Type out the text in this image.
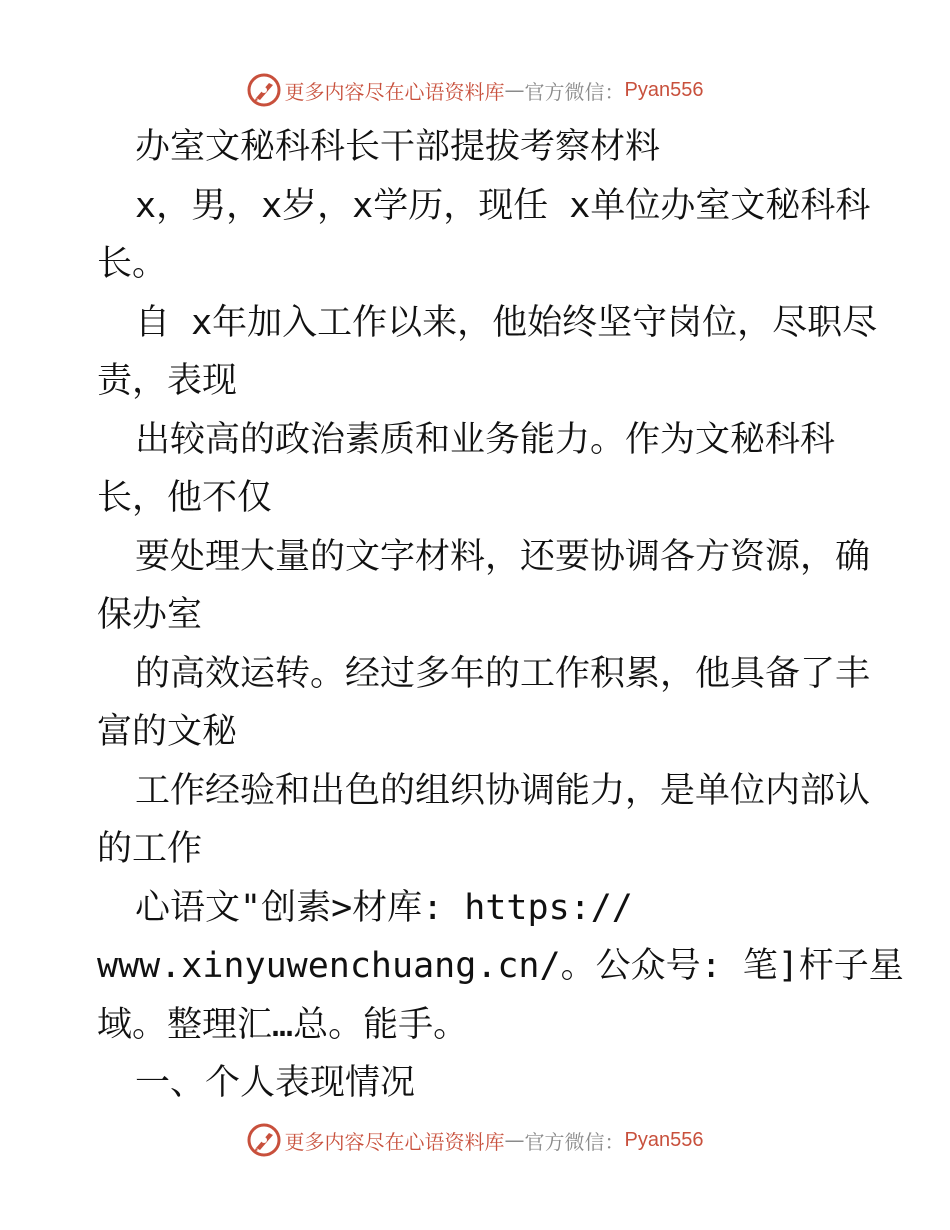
更多内容尽在心语资料库 — 官方微信： Pyan556
办室文秘科科长干部提拔考察材料
x，男，x岁，x学历，现任 x单位办室文秘科科
长。
自 x年加入工作以来，他始终坚守岗位，尽职尽
责，表现
出较高的政治素质和业务能力。作为文秘科科
长，他不仅
要处理大量的文字材料，还要协调各方资源，确
保办室
的高效运转。经过多年的工作积累，他具备了丰
富的文秘
工作经验和出色的组织协调能力，是单位内部认
的工作
心语文"创素>材库: https://
www.xinyuwenchuang.cn/。公众号: 笔]杆子星
域。整理汇…总。能手。
一、个人表现情况
更多内容尽在心语资料库 — 官方微信： Pyan556
